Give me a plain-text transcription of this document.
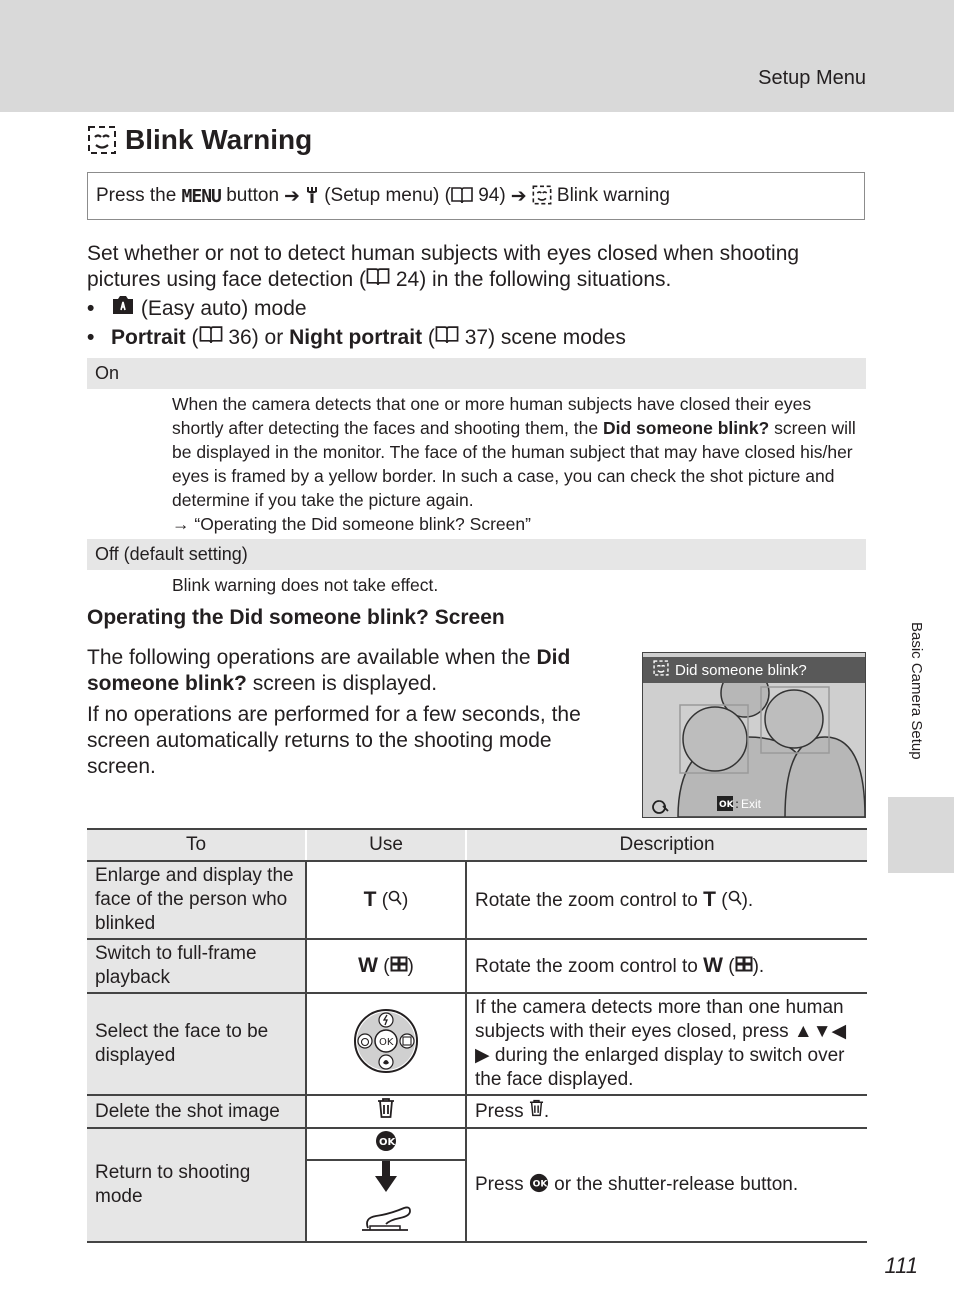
Setup Menu
Blink Warning
Press the
MENU
button ➔
(Setup menu) (
94) ➔
Blink warning

Set whether or not to detect human subjects with eyes closed when shooting pictures using face detection ( 24) in the following situations.

•
	(Easy auto) mode
• Portrait
(
36) or
Night portrait
(
37) scene modes
On

When the camera detects that one or more human subjects have closed their eyes shortly after detecting the faces and shooting them, the Did someone blink? screen will be displayed in the monitor. The face of the human subject that may have closed his/her eyes is framed by a yellow border. In such a case, you can check the shot picture and determine if you take the picture again.
→ “Operating the Did someone blink? Screen”

Off (default setting)

Blink warning does not take effect.

Operating the Did someone blink? Screen

The following operations are available when the Did someone blink? screen is displayed.

If no operations are performed for a few seconds, the screen automatically returns to the shooting mode screen.

OK :
Did someone blink?
Exit
To	Use	Description
Enlarge and display the face of the person who blinked	T ( )	Rotate the zoom control to T ( ).
Switch to full-frame playback	W ( )	Rotate the zoom control to W ( ).
Select the face to be displayed	OK	If the camera detects more than one human subjects with their eyes closed, press ▲▼◀
▶ during the enlarged display to switch over the face displayed.
Delete the shot image		Press .
Return to shooting mode	OK	Press OK or the shutter-release button.
Basic Camera Setup
111
